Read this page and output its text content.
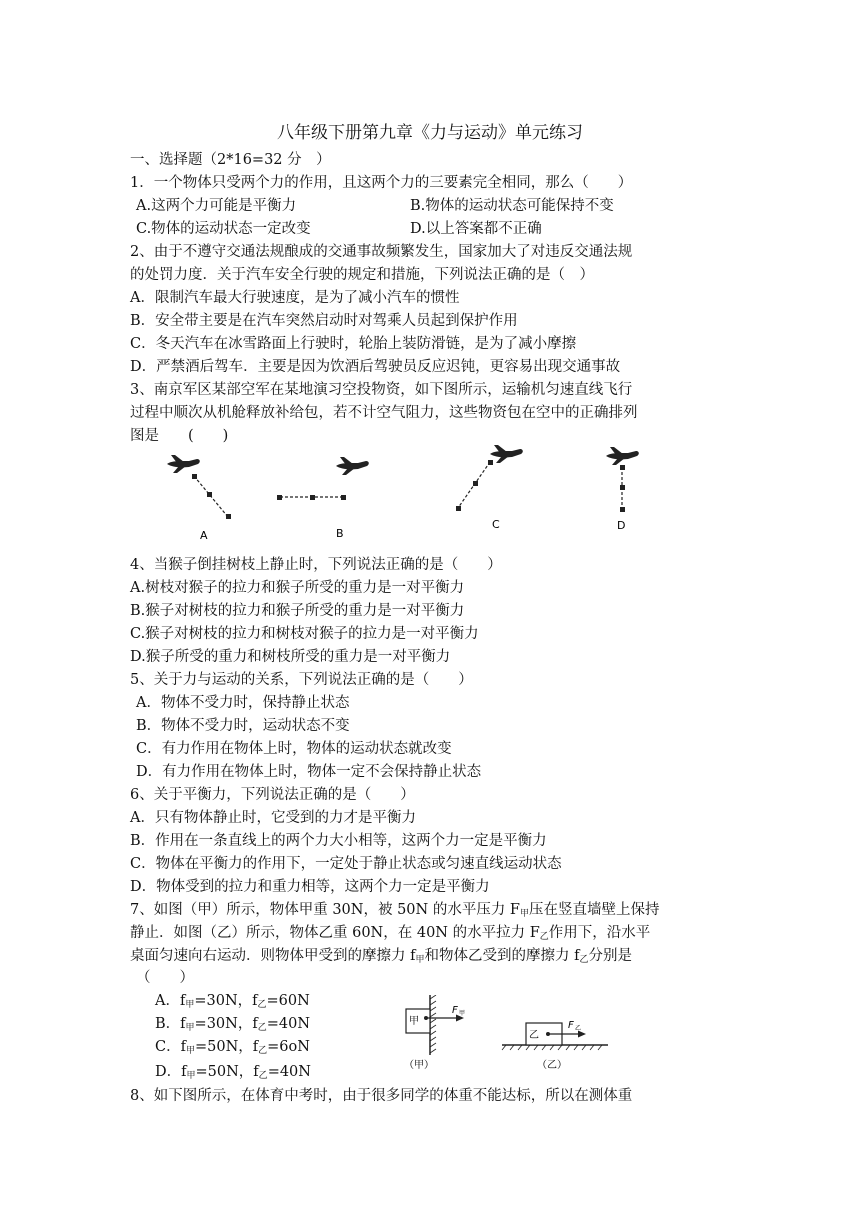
八年级下册第九章《力与运动》单元练习
一、选择题（2*16=32 分　）
1．一个物体只受两个力的作用，且这两个力的三要素完全相同，那么（　　）
A.这两个力可能是平衡力	B.物体的运动状态可能保持不变
C.物体的运动状态一定改变	D.以上答案都不正确
2、由于不遵守交通法规酿成的交通事故频繁发生，国家加大了对违反交通法规
的处罚力度．关于汽车安全行驶的规定和措施，下列说法正确的是（　）
A．限制汽车最大行驶速度，是为了减小汽车的惯性
B．安全带主要是在汽车突然启动时对驾乘人员起到保护作用
C．冬天汽车在冰雪路面上行驶时，轮胎上装防滑链，是为了减小摩擦
D．严禁酒后驾车．主要是因为饮酒后驾驶员反应迟钝，更容易出现交通事故
3、南京军区某部空军在某地演习空投物资，如下图所示，运输机匀速直线飞行
过程中顺次从机舱释放补给包，若不计空气阻力，这些物资包在空中的正确排列
图是　　(　　)
A	B
C	D
4、当猴子倒挂树枝上静止时，下列说法正确的是（　　）
A.树枝对猴子的拉力和猴子所受的重力是一对平衡力
B.猴子对树枝的拉力和猴子所受的重力是一对平衡力
C.猴子对树枝的拉力和树枝对猴子的拉力是一对平衡力
D.猴子所受的重力和树枝所受的重力是一对平衡力
5、关于力与运动的关系，下列说法正确的是（　　）
A．物体不受力时，保持静止状态
B．物体不受力时，运动状态不变
C．有力作用在物体上时，物体的运动状态就改变
D．有力作用在物体上时，物体一定不会保持静止状态
6、关于平衡力，下列说法正确的是（　　）
A．只有物体静止时，它受到的力才是平衡力
B．作用在一条直线上的两个力大小相等，这两个力一定是平衡力
C．物体在平衡力的作用下，一定处于静止状态或匀速直线运动状态
D．物体受到的拉力和重力相等，这两个力一定是平衡力
7、如图（甲）所示，物体甲重 30N，被 50N 的水平压力 $F_甲$压在竖直墙壁上保持
静止．如图（乙）所示，物体乙重 60N，在 40N 的水平拉力 $F_乙$作用下，沿水平
桌面匀速向右运动．则物体甲受到的摩擦力 $f_甲$和物体乙受到的摩擦力 $f_乙$分别是
（　　）
A．$f_甲=30N$，$f_乙=60N$
B．$f_甲=30N$，$f_乙=40N$
C．$f_甲=50N$，$f_乙=6oN$
D．$f_甲=50N$，$f_乙=40N$
甲
F 甲
（甲）
乙
F 乙
（乙）
8、如下图所示，在体育中考时，由于很多同学的体重不能达标，所以在测体重
